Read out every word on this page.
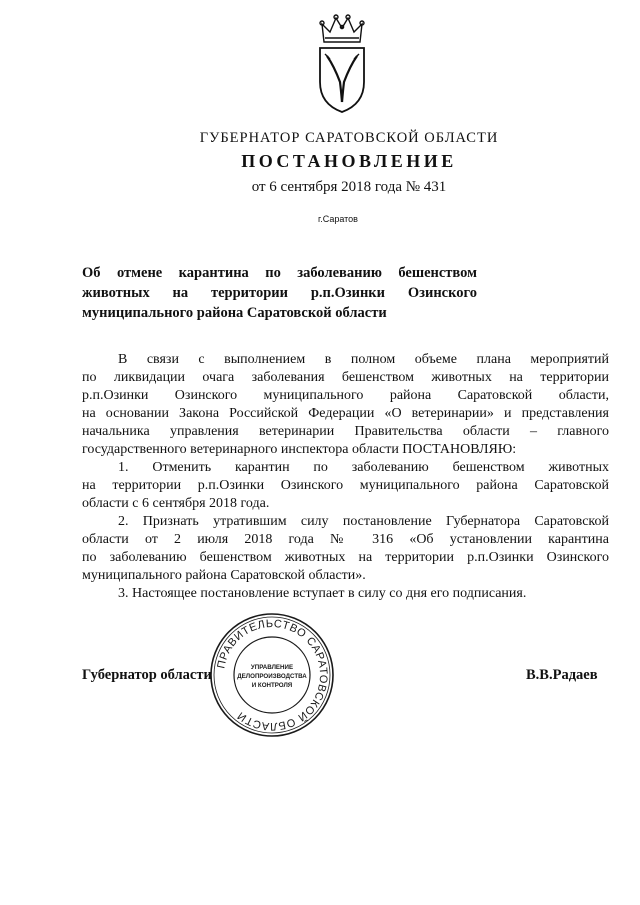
ГУБЕРНАТОР САРАТОВСКОЙ ОБЛАСТИ
ПОСТАНОВЛЕНИЕ
от 6 сентября 2018 года № 431
г.Саратов
Об отмене карантина по заболеванию бешенством
животных на территории р.п.Озинки Озинского
муниципального района Саратовской области
В связи с выполнением в полном объеме плана мероприятий
по ликвидации очага заболевания бешенством животных на территории
р.п.Озинки Озинского муниципального района Саратовской области,
на основании Закона Российской Федерации «О ветеринарии» и представления
начальника управления ветеринарии Правительства области – главного
государственного ветеринарного инспектора области ПОСТАНОВЛЯЮ:
1. Отменить карантин по заболеванию бешенством животных
на территории р.п.Озинки Озинского муниципального района Саратовской
области с 6 сентября 2018 года.
2. Признать утратившим силу постановление Губернатора Саратовской
области от 2 июля 2018 года № 316 «Об установлении карантина
по заболеванию бешенством животных на территории р.п.Озинки Озинского
муниципального района Саратовской области».
3. Настоящее постановление вступает в силу со дня его подписания.
Губернатор области	В.В.Радаев
ПРАВИТЕЛЬСТВО САРАТОВСКОЙ ОБЛАСТИ
УПРАВЛЕНИЕ
ДЕЛОПРОИЗВОДСТВА
И КОНТРОЛЯ
